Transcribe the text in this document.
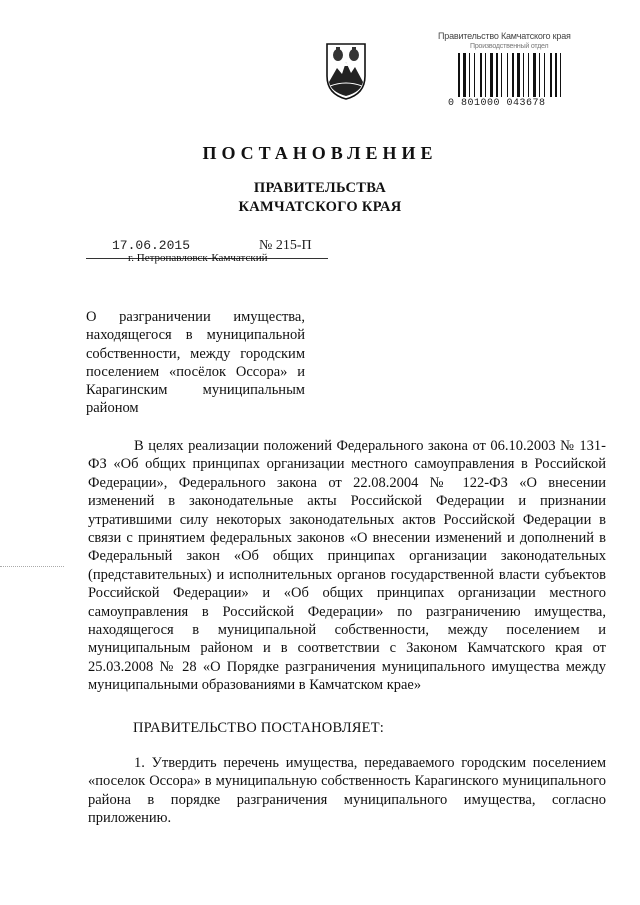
Правительство Камчатского края
Производственный отдел
0 801000 043678
ПОСТАНОВЛЕНИЕ
ПРАВИТЕЛЬСТВА
КАМЧАТСКОГО КРАЯ
17.06.2015	№ 215-П
г. Петропавловск-Камчатский
О разграничении имущества, находящегося в муниципальной собственности, между городским поселением «посёлок Оссора» и Карагинским муниципальным районом
В целях реализации положений Федерального закона от 06.10.2003 № 131-ФЗ «Об общих принципах организации местного самоуправления в Российской Федерации», Федерального закона от 22.08.2004 № 122-ФЗ «О внесении изменений в законодательные акты Российской Федерации и признании утратившими силу некоторых законодательных актов Российской Федерации в связи с принятием федеральных законов «О внесении изменений и дополнений в Федеральный закон «Об общих принципах организации законодательных (представительных) и исполнительных органов государственной власти субъектов Российской Федерации» и «Об общих принципах организации местного самоуправления в Российской Федерации» по разграничению имущества, находящегося в муниципальной собственности, между поселением и муниципальным районом и в соответствии с Законом Камчатского края от 25.03.2008 № 28 «О Порядке разграничения муниципального имущества между муниципальными образованиями в Камчатском крае»
ПРАВИТЕЛЬСТВО ПОСТАНОВЛЯЕТ:
1. Утвердить перечень имущества, передаваемого городским поселением «поселок Оссора» в муниципальную собственность Карагинского муниципального района в порядке разграничения муниципального имущества, согласно приложению.
